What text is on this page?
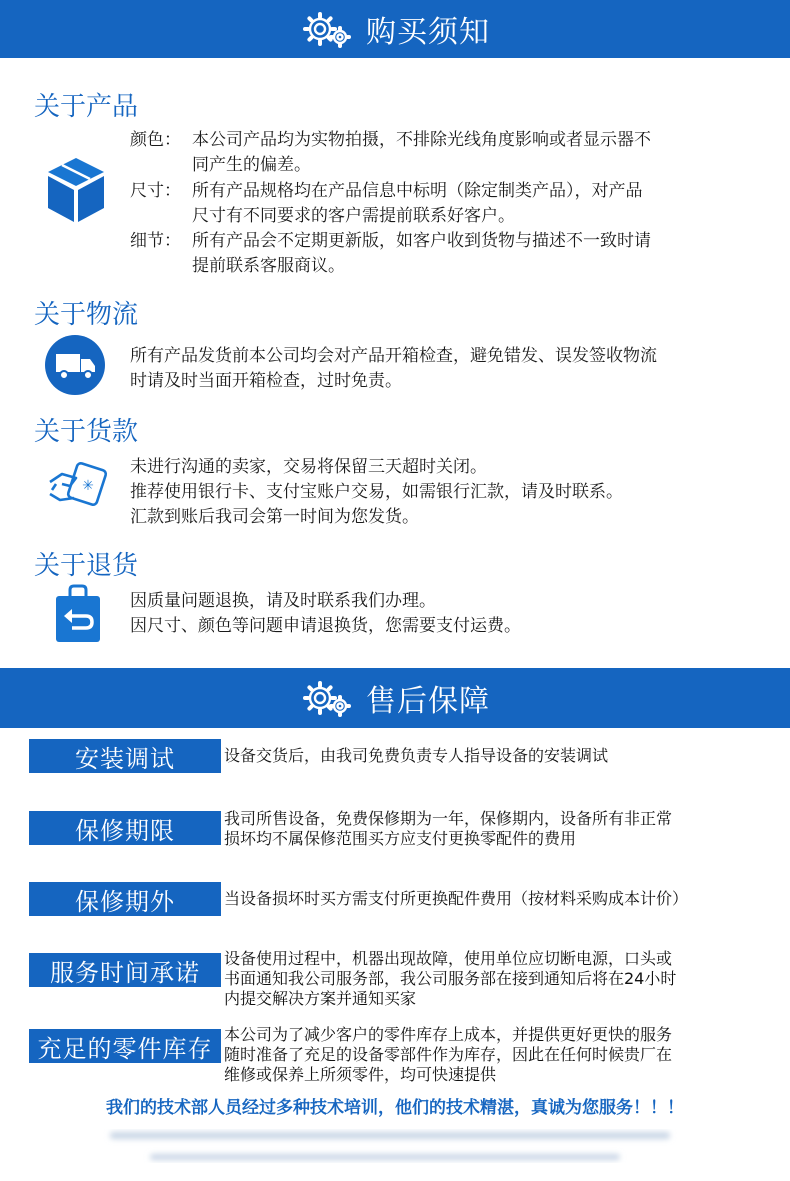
购买须知
关于产品
颜色： 本公司产品均为实物拍摄，不排除光线角度影响或者显示器不
同产生的偏差。
尺寸： 所有产品规格均在产品信息中标明（除定制类产品），对产品
尺寸有不同要求的客户需提前联系好客户。
细节： 所有产品会不定期更新版，如客户收到货物与描述不一致时请
提前联系客服商议。
关于物流
所有产品发货前本公司均会对产品开箱检查，避免错发、误发签收物流
时请及时当面开箱检查，过时免责。
关于货款
✳
未进行沟通的卖家，交易将保留三天超时关闭。
推荐使用银行卡、支付宝账户交易，如需银行汇款，请及时联系。
汇款到账后我司会第一时间为您发货。
关于退货
因质量问题退换，请及时联系我们办理。
因尺寸、颜色等问题申请退换货，您需要支付运费。
售后保障
安装调试	设备交货后，由我司免费负责专人指导设备的安装调试
保修期限	我司所售设备，免费保修期为一年，保修期内，设备所有非正常
损坏均不属保修范围买方应支付更换零配件的费用
保修期外	当设备损坏时买方需支付所更换配件费用（按材料采购成本计价）
服务时间承诺	设备使用过程中，机器出现故障，使用单位应切断电源，口头或
书面通知我公司服务部，我公司服务部在接到通知后将在24小时
内提交解决方案并通知买家
充足的零件库存 本公司为了减少客户的零件库存上成本，并提供更好更快的服务
随时准备了充足的设备零部件作为库存，因此在任何时候贵厂在
维修或保养上所须零件，均可快速提供
我们的技术部人员经过多种技术培训，他们的技术精湛，真诚为您服务！！！
